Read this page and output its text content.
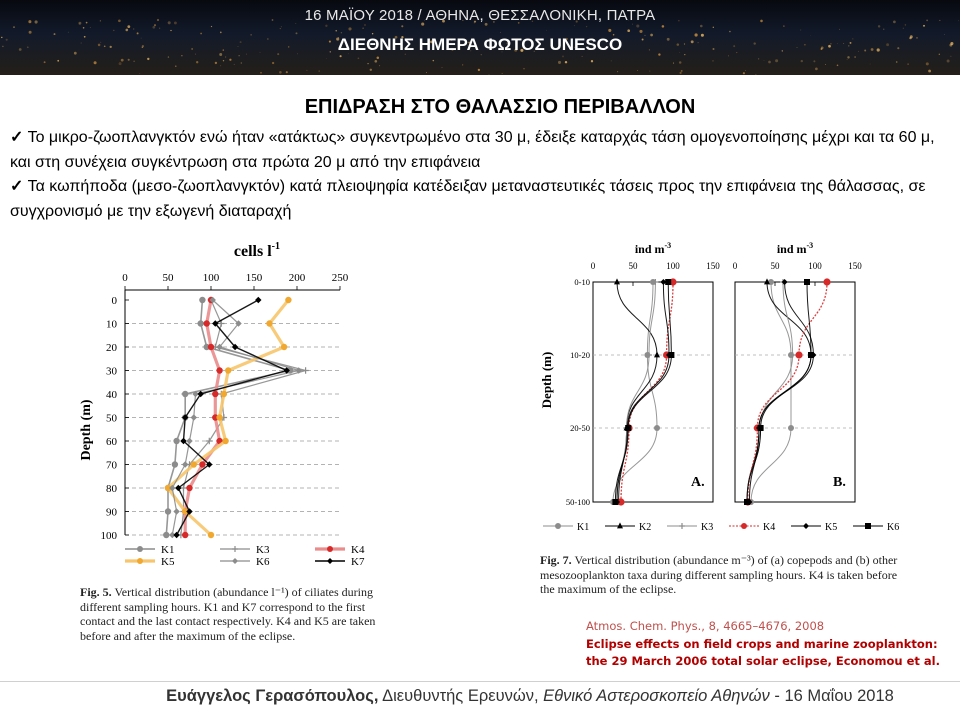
16 ΜΑΪΟΥ 2018 / ΑΘΗΝΑ, ΘΕΣΣΑΛΟΝΙΚΗ, ΠΑΤΡΑ
ΔΙΕΘΝΗΣ ΗΜΕΡΑ ΦΩΤΟΣ UNESCO
ΕΠΙΔΡΑΣΗ ΣΤΟ ΘΑΛΑΣΣΙΟ ΠΕΡΙΒΑΛΛΟΝ

✓ Το μικρο-ζωοπλανγκτόν ενώ ήταν «ατάκτως» συγκεντρωμένο στα 30 μ, έδειξε καταρχάς τάση ομογενοποίησης μέχρι και τα 60 μ, και στη συνέχεια συγκέντρωση στα πρώτα 20 μ από την επιφάνεια

✓ Τα κωπήποδα (μεσο-ζωοπλανγκτόν) κατά πλειοψηφία κατέδειξαν μεταναστευτικές τάσεις προς την επιφάνεια της θάλασσας, σε συγχρονισμό με την εξωγενή διαταραχή

0
10
20
30
40
50
60
70
80
90
100
0	50	100 150 200 250
K1	K3	K4
K5	K6	K7
cells $l^{-1}$
Depth (m)
Fig. 5. Vertical distribution (abundance l⁻¹) of ciliates during different sampling hours. K1 and K7 correspond to the first contact and the last contact respectively. K4 and K5 are taken before and after the maximum of the eclipse.
0	50	100	150
ind $m^{-3}$
0-10
10-20
20-50
50-100
A.
0	50	100	150
ind $m^{-3}$
B.
K1	K2	K3	K4	K5	K6
Depth (m)
Fig. 7. Vertical distribution (abundance m⁻³) of (a) copepods and (b) other mesozooplankton taxa during different sampling hours. K4 is taken before the maximum of the eclipse.
Atmos. Chem. Phys., 8, 4665–4676, 2008
Eclipse effects on field crops and marine zooplankton:
the 29 March 2006 total solar eclipse, Economou et al.
Ευάγγελος Γερασόπουλος, Διευθυντής Ερευνών, Εθνικό Αστεροσκοπείο Αθηνών - 16 Μαΐου 2018
